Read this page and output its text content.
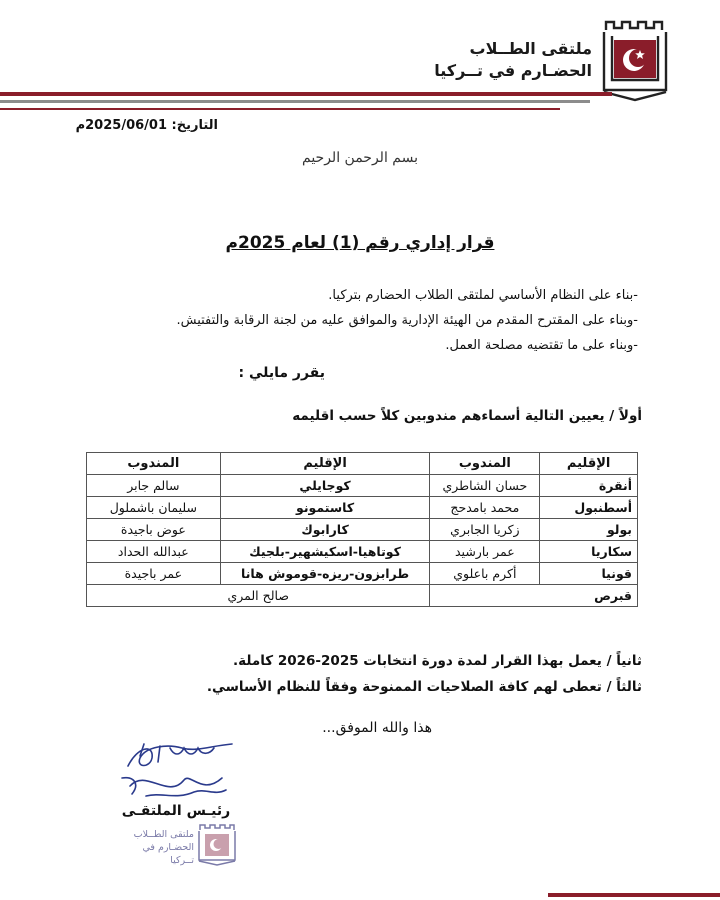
ملتقى الطــلاب
الحضـارم في تــركيا
التاريخ: 2025/06/01م
بسم الرحمن الرحيم
قرار إداري رقم (1) لعام 2025م
-بناء على النظام الأساسي لملتقى الطلاب الحضارم بتركيا.
-وبناء على المقترح المقدم من الهيئة الإدارية والموافق عليه من لجنة الرقابة والتفتيش.
-وبناء على ما تقتضيه مصلحة العمل.
يقرر مايلي :
أولاً / يعيين التالية أسماءهم مندوبين كلاً حسب اقليمه
الإقليم	المندوب	الإقليم	المندوب
أنقرة	حسان الشاطري	كوجايلي	سالم جابر
أسطنبول	محمد بامدحج	كاستمونو	سليمان باشملول
بولو	زكريا الجابري	كارابوك	عوض باجيدة
سكاريا	عمر بارشيد	كوتاهيا-اسكيشهير-بلجيك	عبدالله الحداد
قونيا	أكرم باعلوي	طرابزون-ريزه-قوموش هانا	عمر باجيدة
قبرص		صالح المري	
ثانياً / يعمل بهذا القرار لمدة دورة انتخابات 2025-2026 كاملة.
ثالثاً / تعطى لهم كافة الصلاحيات الممنوحة وفقاً للنظام الأساسي.
هذا والله الموفق...
رئيـس الملتقـى
ملتقى الطــلاب
الحضـارم في تــركيا
